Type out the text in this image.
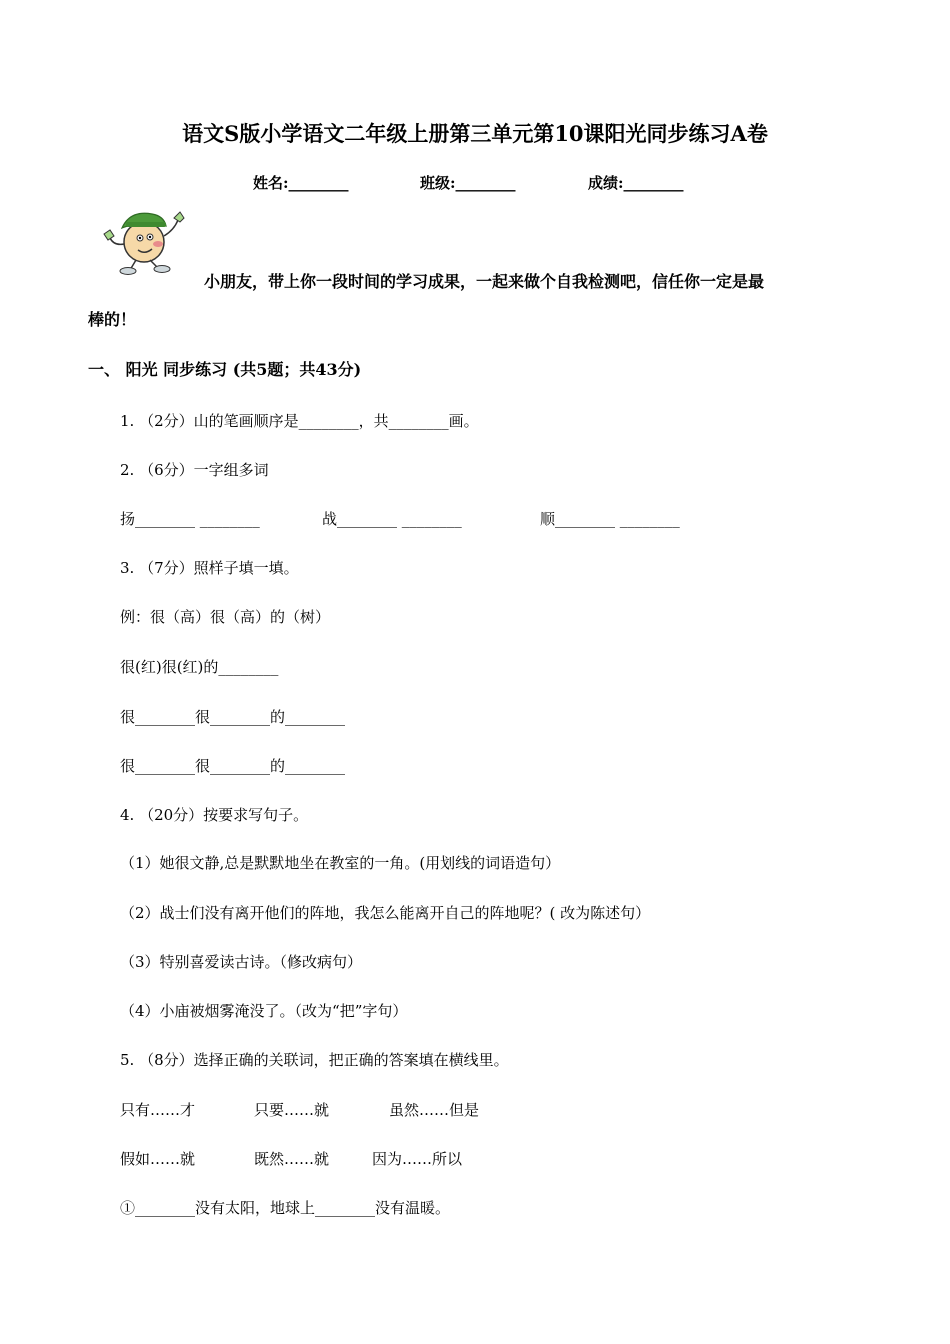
语文S版小学语文二年级上册第三单元第10课阳光同步练习A卷
姓名:________	班级:________	成绩:________
小朋友，带上你一段时间的学习成果，一起来做个自我检测吧，信任你一定是最
棒的！
一、 阳光 同步练习 (共5题；共43分)
1. （2分）山的笔画顺序是________，共________画。
2. （6分）一字组多词
扬________ ________	战________ ________	顺________ ________
3. （7分）照样子填一填。
例：很（高）很（高）的（树）
很(红)很(红)的________
很________很________的________
很________很________的________
4. （20分）按要求写句子。
（1）她很文静,总是默默地坐在教室的一角。(用划线的词语造句）
（2）战士们没有离开他们的阵地，我怎么能离开自己的阵地呢？( 改为陈述句）
（3）特别喜爱读古诗。（修改病句）
（4）小庙被烟雾淹没了。（改为“把”字句）
5. （8分）选择正确的关联词，把正确的答案填在横线里。
只有……才	只要……就	虽然……但是
假如……就	既然……就	因为……所以
①________没有太阳，地球上________没有温暖。
